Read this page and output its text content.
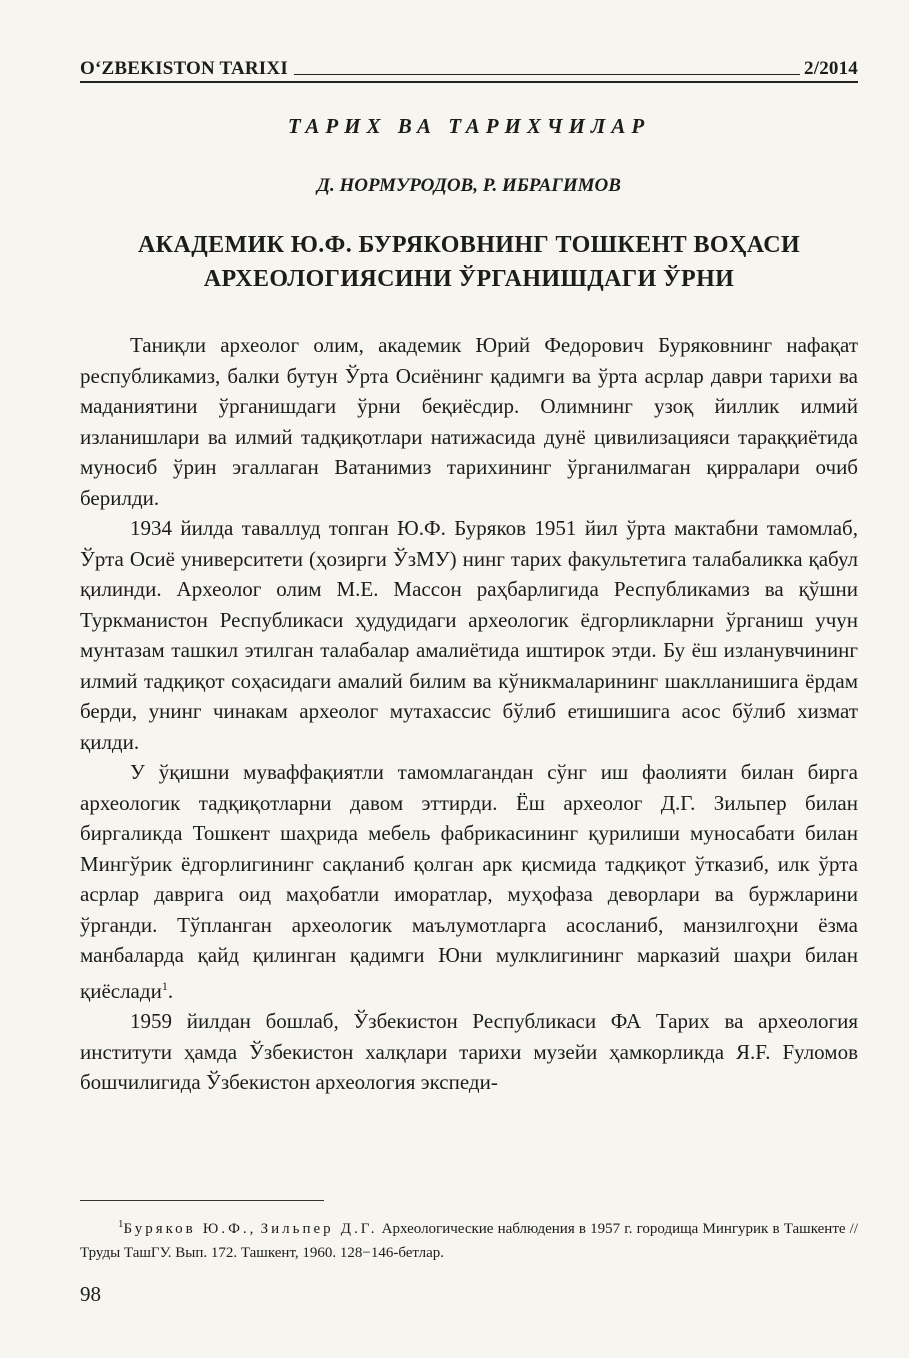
O‘ZBEKISTON TARIXI	2/2014
ТАРИХ ВА ТАРИХЧИЛАР
Д. НОРМУРОДОВ, Р. ИБРАГИМОВ
АКАДЕМИК Ю.Ф. БУРЯКОВНИНГ ТОШКЕНТ ВОҲАСИ
АРХЕОЛОГИЯСИНИ ЎРГАНИШДАГИ ЎРНИ

Таниқли археолог олим, академик Юрий Федорович Буряковнинг нафақат республикамиз, балки бутун Ўрта Осиёнинг қадимги ва ўрта асрлар даври тарихи ва маданиятини ўрганишдаги ўрни беқиёсдир. Олимнинг узоқ йиллик илмий изланишлари ва илмий тадқиқотлари натижасида дунё цивилизацияси тараққиётида муносиб ўрин эгаллаган Ватанимиз тарихининг ўрганилмаган қирралари очиб берилди.

1934 йилда таваллуд топган Ю.Ф. Буряков 1951 йил ўрта мактабни тамомлаб, Ўрта Осиё университети (ҳозирги ЎзМУ) нинг тарих факультетига талабаликка қабул қилинди. Археолог олим М.Е. Массон раҳбарлигида Республикамиз ва қўшни Туркманистон Республикаси ҳудудидаги археологик ёдгорликларни ўрганиш учун мунтазам ташкил этилган талабалар амалиётида иштирок этди. Бу ёш изланувчининг илмий тадқиқот соҳасидаги амалий билим ва кўникмаларининг шаклланишига ёрдам берди, унинг чинакам археолог мутахассис бўлиб етишишига асос бўлиб хизмат қилди.

У ўқишни муваффақиятли тамомлагандан сўнг иш фаолияти билан бирга археологик тадқиқотларни давом эттирди. Ёш археолог Д.Г. Зильпер билан биргаликда Тошкент шаҳрида мебель фабрикасининг қурилиши муносабати билан Мингўрик ёдгорлигининг сақланиб қолган арк қисмида тадқиқот ўтказиб, илк ўрта асрлар даврига оид маҳобатли иморатлар, муҳофаза деворлари ва буржларини ўрганди. Тўпланган археологик маълумотларга асосланиб, манзилгоҳни ёзма манбаларда қайд қилинган қадимги Юни мулклигининг марказий шаҳри билан қиёслади$^1$.

1959 йилдан бошлаб, Ўзбекистон Республикаси ФА Тарих ва археология институти ҳамда Ўзбекистон халқлари тарихи музейи ҳамкорликда Я.F. Fуломов бошчилигида Ўзбекистон археология экспеди-

$^1$Буряков Ю.Ф., Зильпер Д.Г. Археологические наблюдения в 1957 г. городища Мингурик в Ташкенте // Труды ТашГУ. Вып. 172. Ташкент, 1960. 128−146-бетлар.

98
